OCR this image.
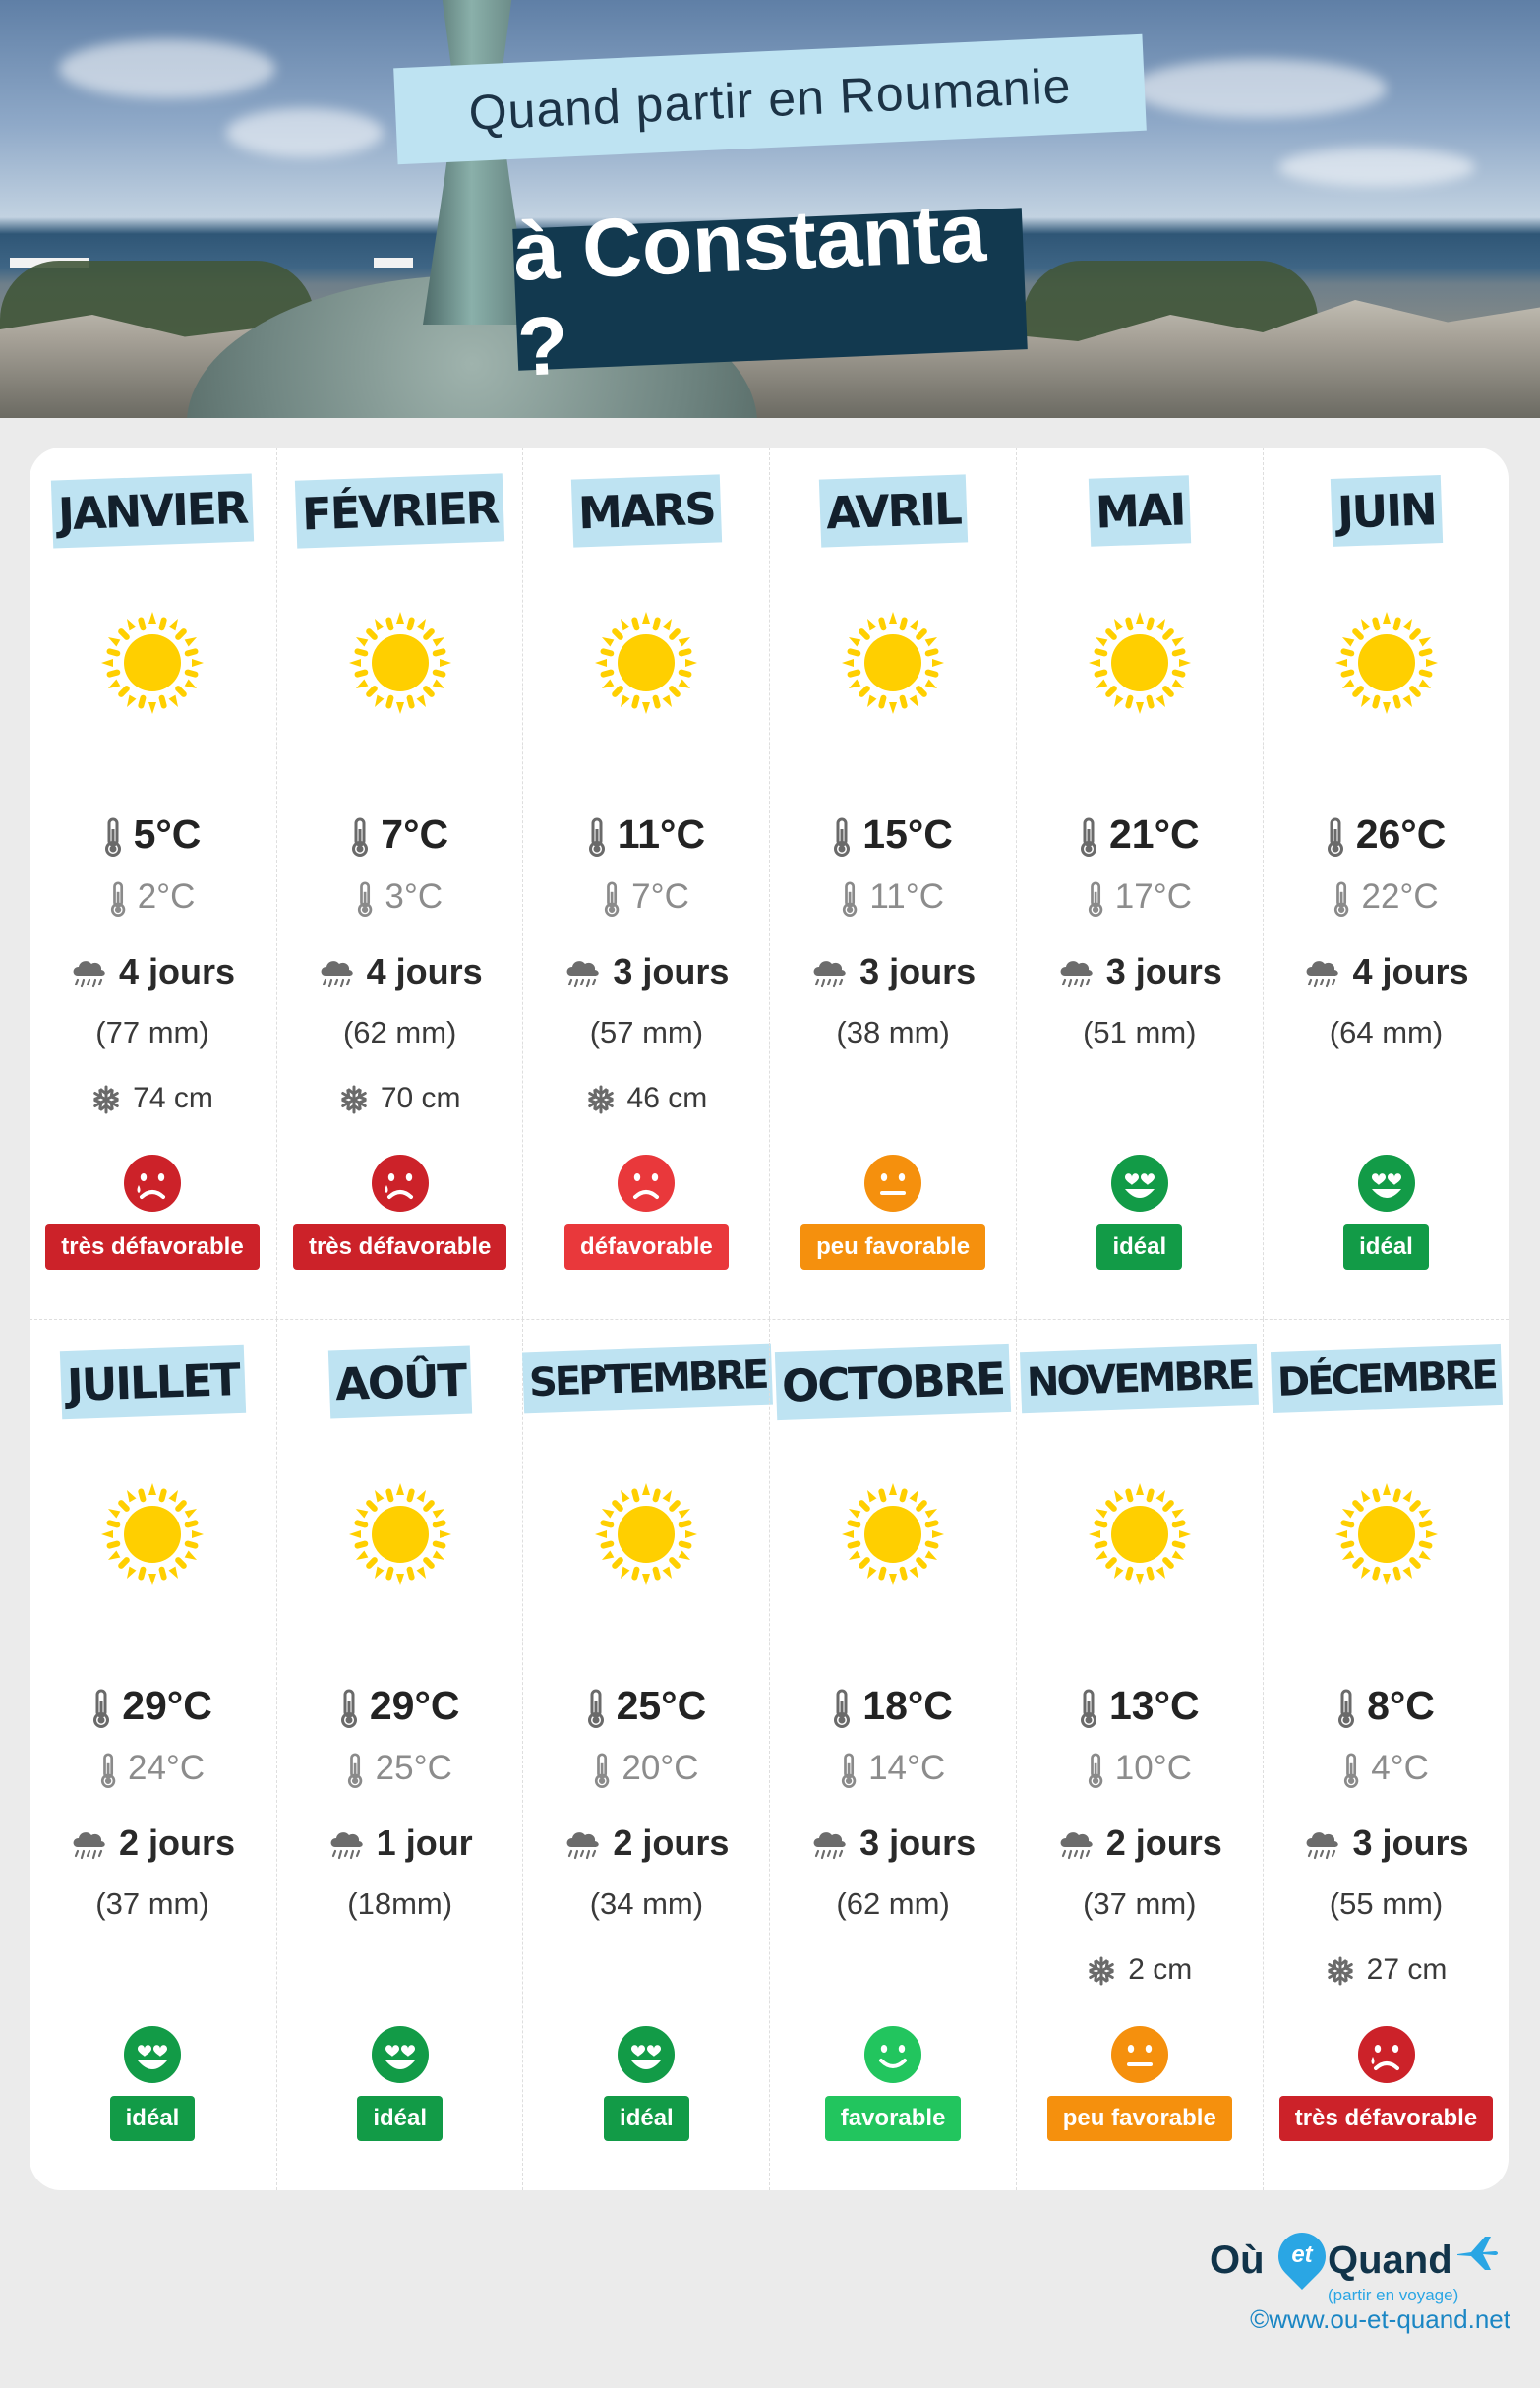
Quand partir en Roumanie
à Constanta ?
JANVIER
5°C
2°C
4 jours
(77 mm)
74 cm
très défavorable
FÉVRIER
7°C
3°C
4 jours
(62 mm)
70 cm
très défavorable
MARS
11°C
7°C
3 jours
(57 mm)
46 cm
défavorable
AVRIL
15°C
11°C
3 jours
(38 mm)
peu favorable
MAI
21°C
17°C
3 jours
(51 mm)
idéal
JUIN
26°C
22°C
4 jours
(64 mm)
idéal
JUILLET
29°C
24°C
2 jours
(37 mm)
idéal
AOÛT
29°C
25°C
1 jour
(18mm)
idéal
SEPTEMBRE
25°C
20°C
2 jours
(34 mm)
idéal
OCTOBRE
18°C
14°C
3 jours
(62 mm)
favorable
NOVEMBRE
13°C
10°C
2 jours
(37 mm)
2 cm
peu favorable
DÉCEMBRE
8°C
4°C
3 jours
(55 mm)
27 cm
très défavorable
Où	et Quand
(partir en voyage)
©www.ou-et-quand.net
